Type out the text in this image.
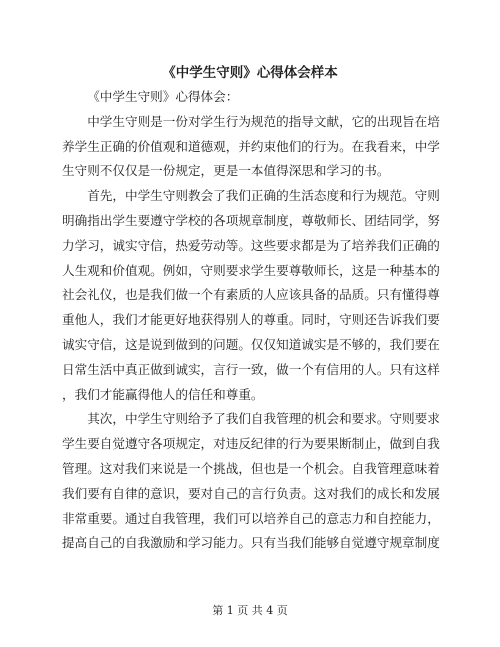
《中学生守则》心得体会样本
《中学生守则》心得体会：
中学生守则是一份对学生行为规范的指导文献，它的出现旨在培
养学生正确的价值观和道德观，并约束他们的行为。在我看来，中学
生守则不仅仅是一份规定，更是一本值得深思和学习的书。
首先，中学生守则教会了我们正确的生活态度和行为规范。守则
明确指出学生要遵守学校的各项规章制度，尊敬师长、团结同学，努
力学习，诚实守信，热爱劳动等。这些要求都是为了培养我们正确的
人生观和价值观。例如，守则要求学生要尊敬师长，这是一种基本的
社会礼仪，也是我们做一个有素质的人应该具备的品质。只有懂得尊
重他人，我们才能更好地获得别人的尊重。同时，守则还告诉我们要
诚实守信，这是说到做到的问题。仅仅知道诚实是不够的，我们要在
日常生活中真正做到诚实，言行一致，做一个有信用的人。只有这样
，我们才能赢得他人的信任和尊重。
其次，中学生守则给予了我们自我管理的机会和要求。守则要求
学生要自觉遵守各项规定，对违反纪律的行为要果断制止，做到自我
管理。这对我们来说是一个挑战，但也是一个机会。自我管理意味着
我们要有自律的意识，要对自己的言行负责。这对我们的成长和发展
非常重要。通过自我管理，我们可以培养自己的意志力和自控能力，
提高自己的自我激励和学习能力。只有当我们能够自觉遵守规章制度
第 1 页 共 4 页
